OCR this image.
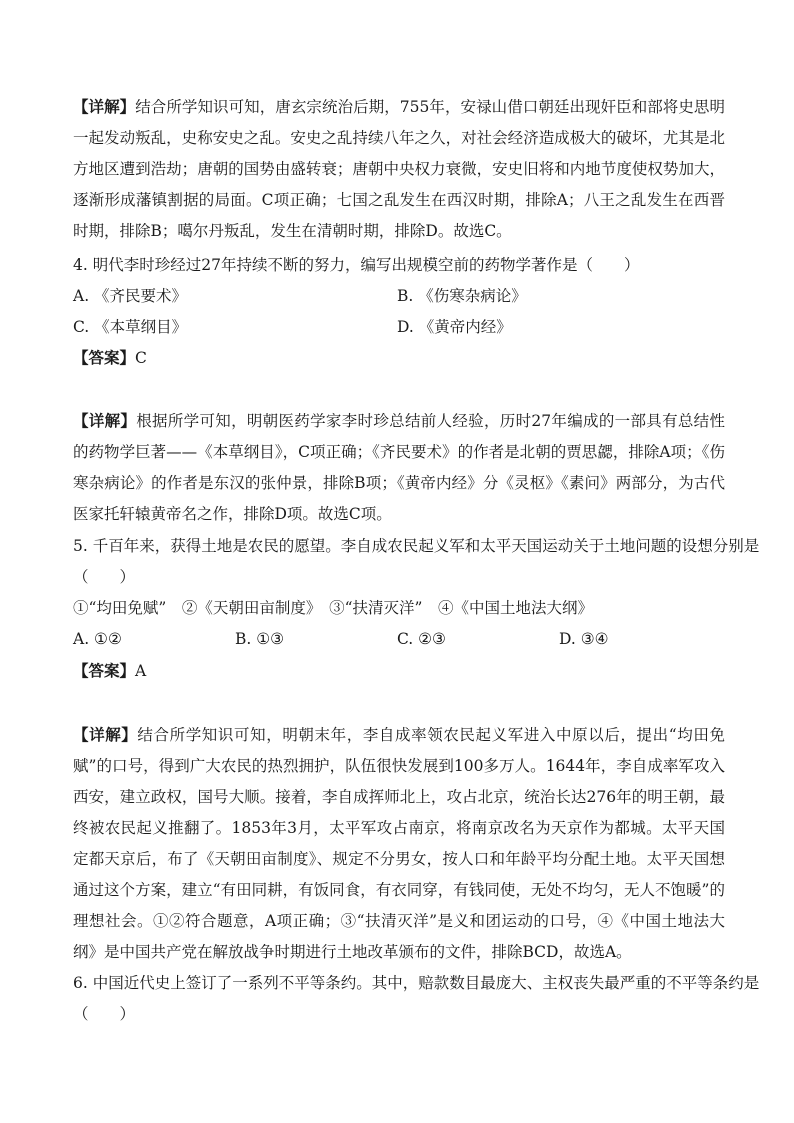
【详解】结合所学知识可知，唐玄宗统治后期，755年，安禄山借口朝廷出现奸臣和部将史思明一起发动叛乱，史称安史之乱。安史之乱持续八年之久，对社会经济造成极大的破坏，尤其是北方地区遭到浩劫；唐朝的国势由盛转衰；唐朝中央权力衰微，安史旧将和内地节度使权势加大，逐渐形成藩镇割据的局面。C项正确；七国之乱发生在西汉时期，排除A；八王之乱发生在西晋时期，排除B；噶尔丹叛乱，发生在清朝时期，排除D。故选C。
4. 明代李时珍经过27年持续不断的努力，编写出规模空前的药物学著作是（　　）
A. 《齐民要术》	B. 《伤寒杂病论》
C. 《本草纲目》	D. 《黄帝内经》
【答案】C
【详解】根据所学可知，明朝医药学家李时珍总结前人经验，历时27年编成的一部具有总结性的药物学巨著——《本草纲目》，C项正确；《齐民要术》的作者是北朝的贾思勰，排除A项；《伤寒杂病论》的作者是东汉的张仲景，排除B项；《黄帝内经》分《灵枢》《素问》两部分，为古代医家托轩辕黄帝名之作，排除D项。故选C项。
5. 千百年来，获得土地是农民的愿望。李自成农民起义军和太平天国运动关于土地问题的设想分别是
（　　）
①“均田免赋”　②《天朝田亩制度》　③“扶清灭洋”　④《中国土地法大纲》
A. ①②	B. ①③	C. ②③	D. ③④
【答案】A
【详解】结合所学知识可知，明朝末年，李自成率领农民起义军进入中原以后，提出“均田免赋”的口号，得到广大农民的热烈拥护，队伍很快发展到100多万人。1644年，李自成率军攻入西安，建立政权，国号大顺。接着，李自成挥师北上，攻占北京，统治长达276年的明王朝，最终被农民起义推翻了。1853年3月，太平军攻占南京，将南京改名为天京作为都城。太平天国定都天京后，布了《天朝田亩制度》、规定不分男女，按人口和年龄平均分配土地。太平天国想通过这个方案，建立“有田同耕，有饭同食，有衣同穿，有钱同使，无处不均匀，无人不饱暖”的理想社会。①②符合题意，A项正确；③“扶清灭洋”是义和团运动的口号，④《中国土地法大纲》是中国共产党在解放战争时期进行土地改革颁布的文件，排除BCD，故选A。
6. 中国近代史上签订了一系列不平等条约。其中，赔款数目最庞大、主权丧失最严重的不平等条约是
（　　）
